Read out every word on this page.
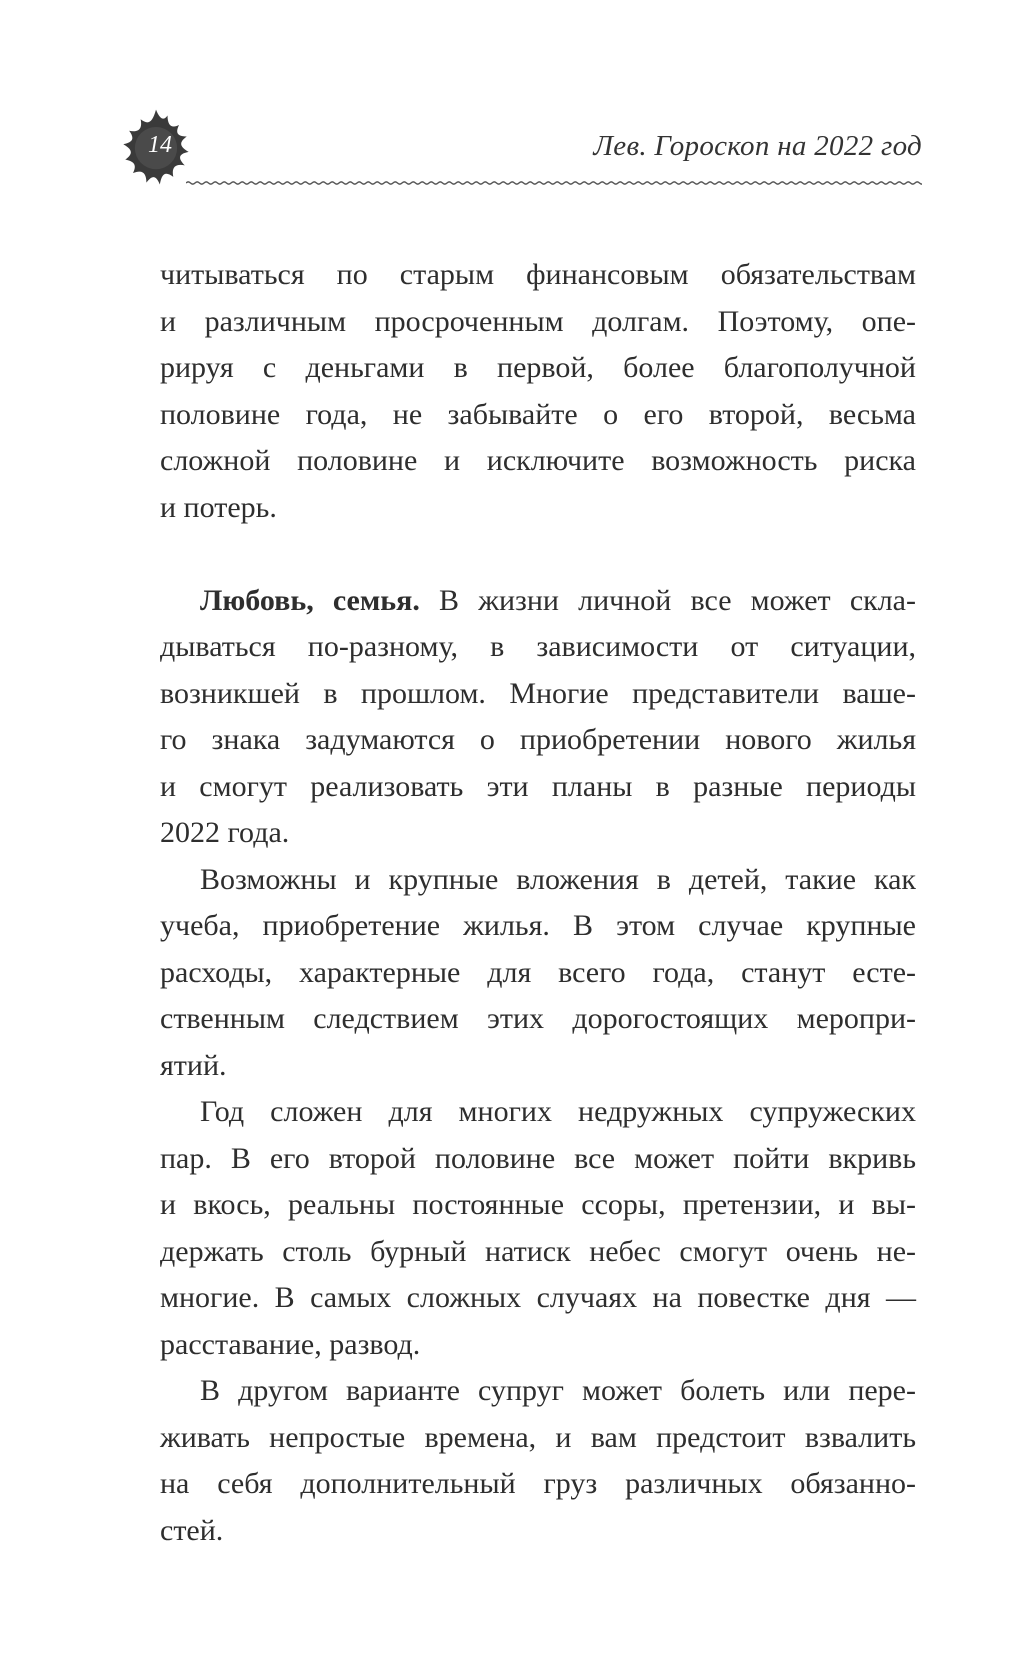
14	Лев. Гороскоп на 2022 год
читываться по старым финансовым обязательствам
и различным просроченным долгам. Поэтому, опе-
рируя с деньгами в первой, более благополучной
половине года, не забывайте о его второй, весьма
сложной половине и исключите возможность риска
и потерь.
Любовь, семья. В жизни личной все может скла-
дываться по-разному, в зависимости от ситуации,
возникшей в прошлом. Многие представители ваше-
го знака задумаются о приобретении нового жилья
и смогут реализовать эти планы в разные периоды
2022 года.
Возможны и крупные вложения в детей, такие как
учеба, приобретение жилья. В этом случае крупные
расходы, характерные для всего года, станут есте-
ственным следствием этих дорогостоящих меропри-
ятий.
Год сложен для многих недружных супружеских
пар. В его второй половине все может пойти вкривь
и вкось, реальны постоянные ссоры, претензии, и вы-
держать столь бурный натиск небес смогут очень не-
многие. В самых сложных случаях на повестке дня —
расставание, развод.
В другом варианте супруг может болеть или пере-
живать непростые времена, и вам предстоит взвалить
на себя дополнительный груз различных обязанно-
стей.
